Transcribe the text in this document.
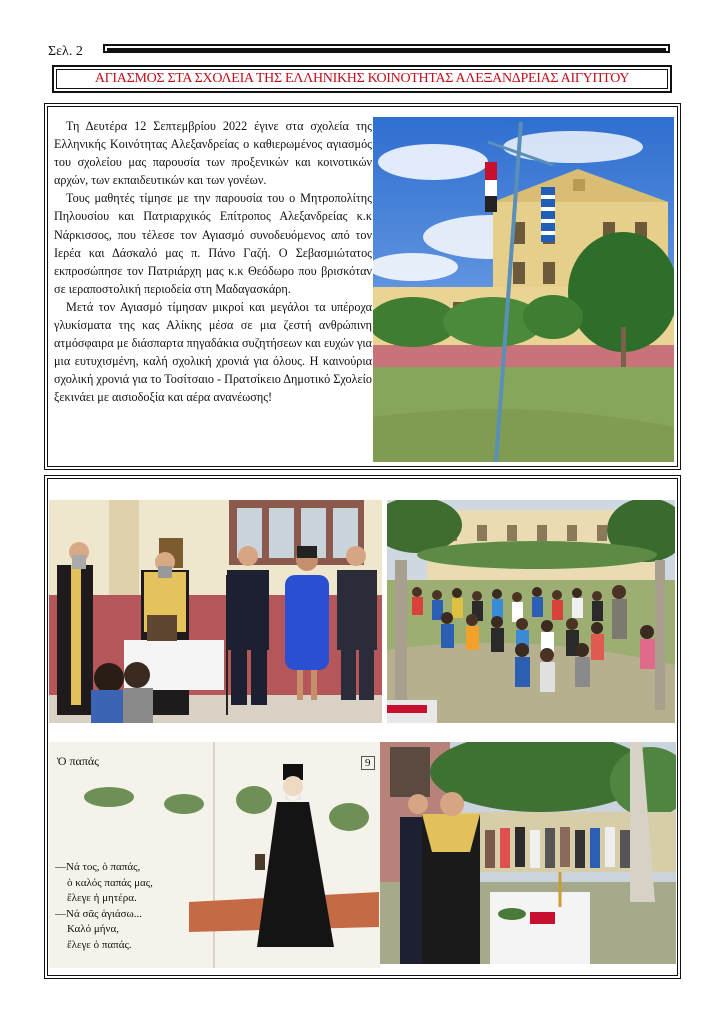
Σελ. 2
ΑΓΙΑΣΜΟΣ ΣΤΑ ΣΧΟΛΕΙΑ ΤΗΣ ΕΛΛΗΝΙΚΗΣ ΚΟΙΝΟΤΗΤΑΣ ΑΛΕΞΑΝΔΡΕΙΑΣ ΑΙΓΥΠΤΟΥ

Τη Δευτέρα 12 Σεπτεμβρίου 2022 έγινε στα σχολεία της Ελληνικής Κοινότητας Αλεξανδρείας ο καθιερωμένος αγιασμός του σχολείου μας παρουσία των προξενικών και κοινοτικών αρχών, των εκπαιδευτικών και των γονέων.

Τους μαθητές τίμησε με την παρουσία του ο Μητροπολίτης Πηλουσίου και Πατριαρχικός Επίτροπος Αλεξανδρείας κ.κ Νάρκισσος, που τέλεσε τον Αγιασμό συνοδευόμενος από τον Ιερέα και Δάσκαλό μας π. Πάνο Γαζή. Ο Σεβασμιώτατος εκπροσώπησε τον Πατριάρχη μας κ.κ Θεόδωρο που βρισκόταν σε ιεραποστολική περιοδεία στη Μαδαγασκάρη.

Μετά τον Αγιασμό τίμησαν μικροί και μεγάλοι τα υπέροχα γλυκίσματα της κας Αλίκης μέσα σε μια ζεστή ανθρώπινη ατμόσφαιρα με διάσπαρτα πηγαδάκια συζητήσεων και ευχών για μια ευτυχισμένη, καλή σχολική χρονιά για όλους. Η καινούρια σχολική χρονιά για το Τοσίτσαιο - Πρατσίκειο Δημοτικό Σχολείο ξεκινάει με αισιοδοξία και αέρα ανανέωσης!

Ὁ παπάς	9
—Νά τος, ὁ παπάς,
ὁ καλός παπάς μας,
ἔλεγε ἡ μητέρα.
—Νά σᾶς ἁγιάσω...
Καλό μήνα,
ἔλεγε ὁ παπάς.
